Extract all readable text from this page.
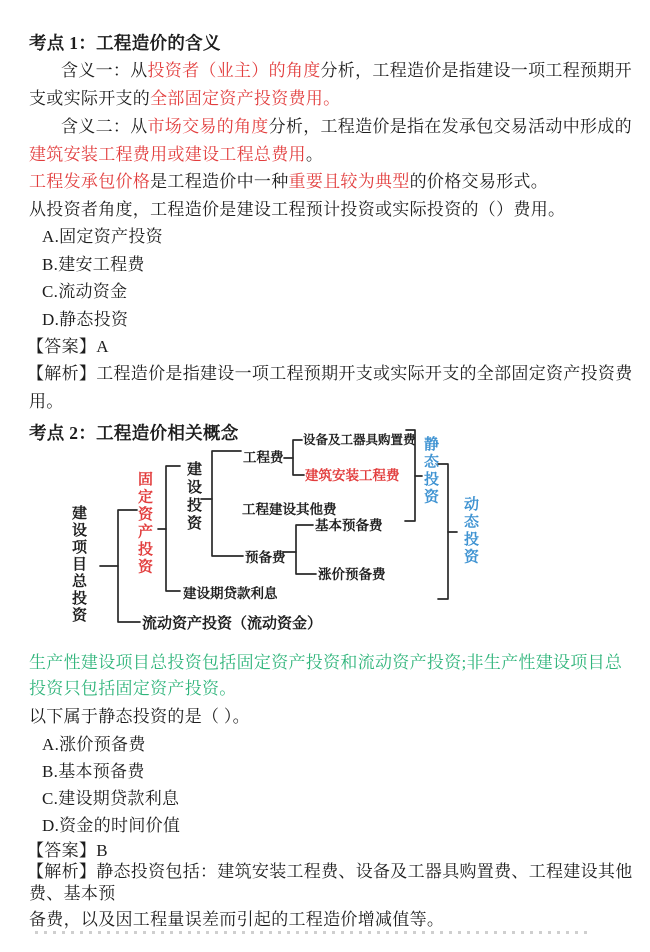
考点 1：工程造价的含义
含义一：从投资者（业主）的角度分析，工程造价是指建设一项工程预期开
支或实际开支的全部固定资产投资费用。
含义二：从市场交易的角度分析，工程造价是指在发承包交易活动中形成的
建筑安装工程费用或建设工程总费用。
工程发承包价格是工程造价中一种重要且较为典型的价格交易形式。
从投资者角度，工程造价是建设工程预计投资或实际投资的（）费用。
A.固定资产投资
B.建安工程费
C.流动资金
D.静态投资
【答案】A
【解析】工程造价是指建设一项工程预期开支或实际开支的全部固定资产投资费
用。
考点 2：工程造价相关概念
建设项目总投资	固定资产投资 建设投资
工程费
设备及工器具购置费
建筑安装工程费
工程建设其他费
基本预备费
预备费
涨价预备费
建设期贷款利息
流动资产投资（流动资金）
静态投资
动态投资
生产性建设项目总投资包括固定资产投资和流动资产投资;非生产性建设项目总
投资只包括固定资产投资。
以下属于静态投资的是（ ）。
A.涨价预备费
B.基本预备费
C.建设期贷款利息
D.资金的时间价值
【答案】B
【解析】静态投资包括：建筑安装工程费、设备及工器具购置费、工程建设其他
费、基本预
备费，以及因工程量误差而引起的工程造价增减值等。
